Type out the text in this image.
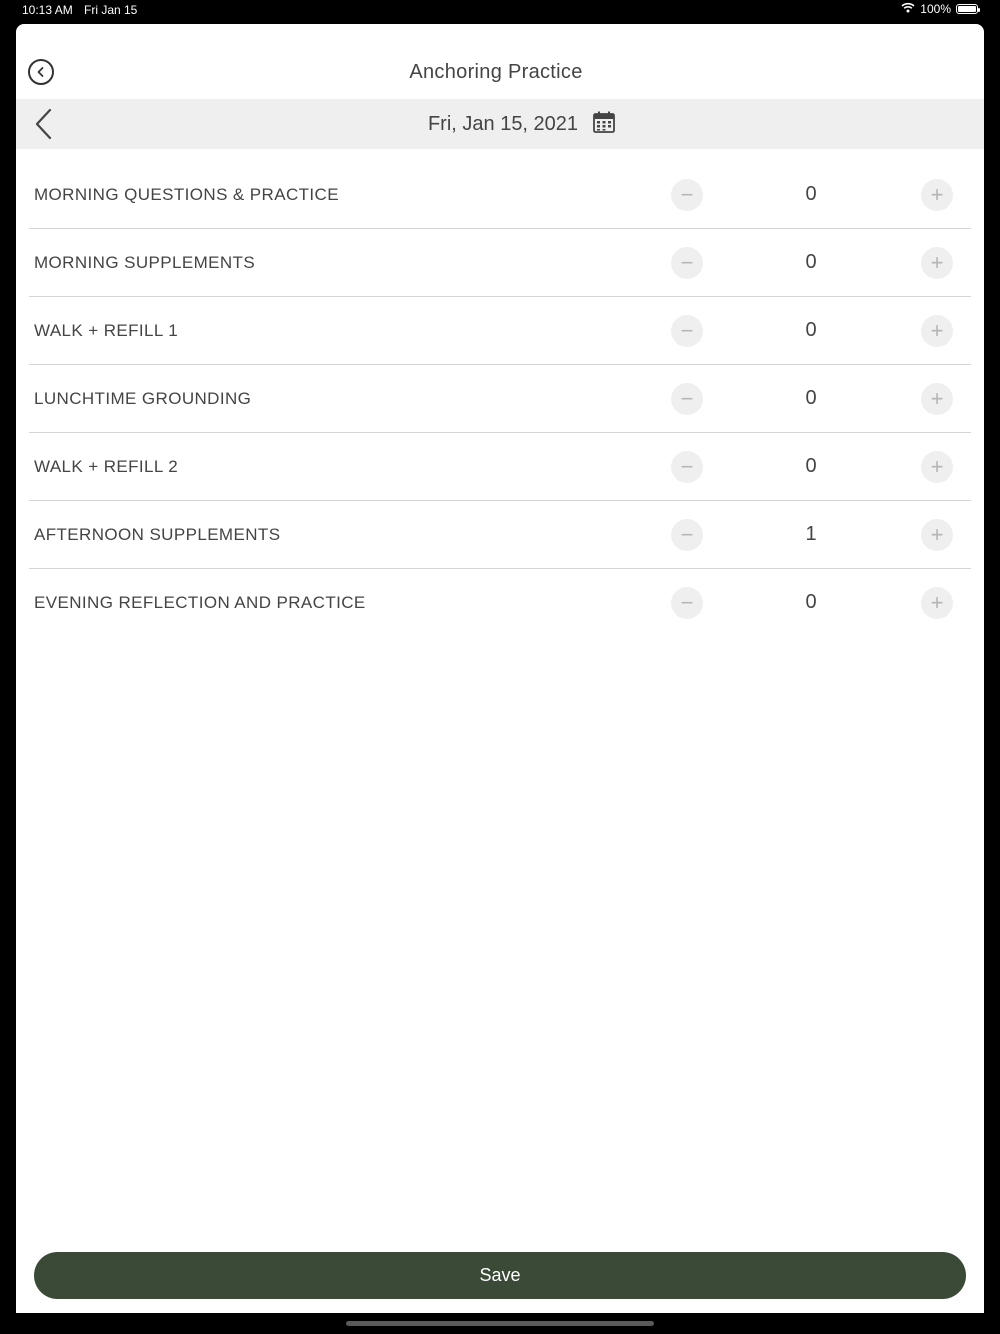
10:13 AM Fri Jan 15	100%
Anchoring Practice
Fri, Jan 15, 2021
MORNING QUESTIONS & PRACTICE	−	0	+
MORNING SUPPLEMENTS	−	0	+
WALK + REFILL 1	−	0	+
LUNCHTIME GROUNDING	−	0	+
WALK + REFILL 2	−	0	+
AFTERNOON SUPPLEMENTS	−	1	+
EVENING REFLECTION AND PRACTICE	−	0	+
Save
